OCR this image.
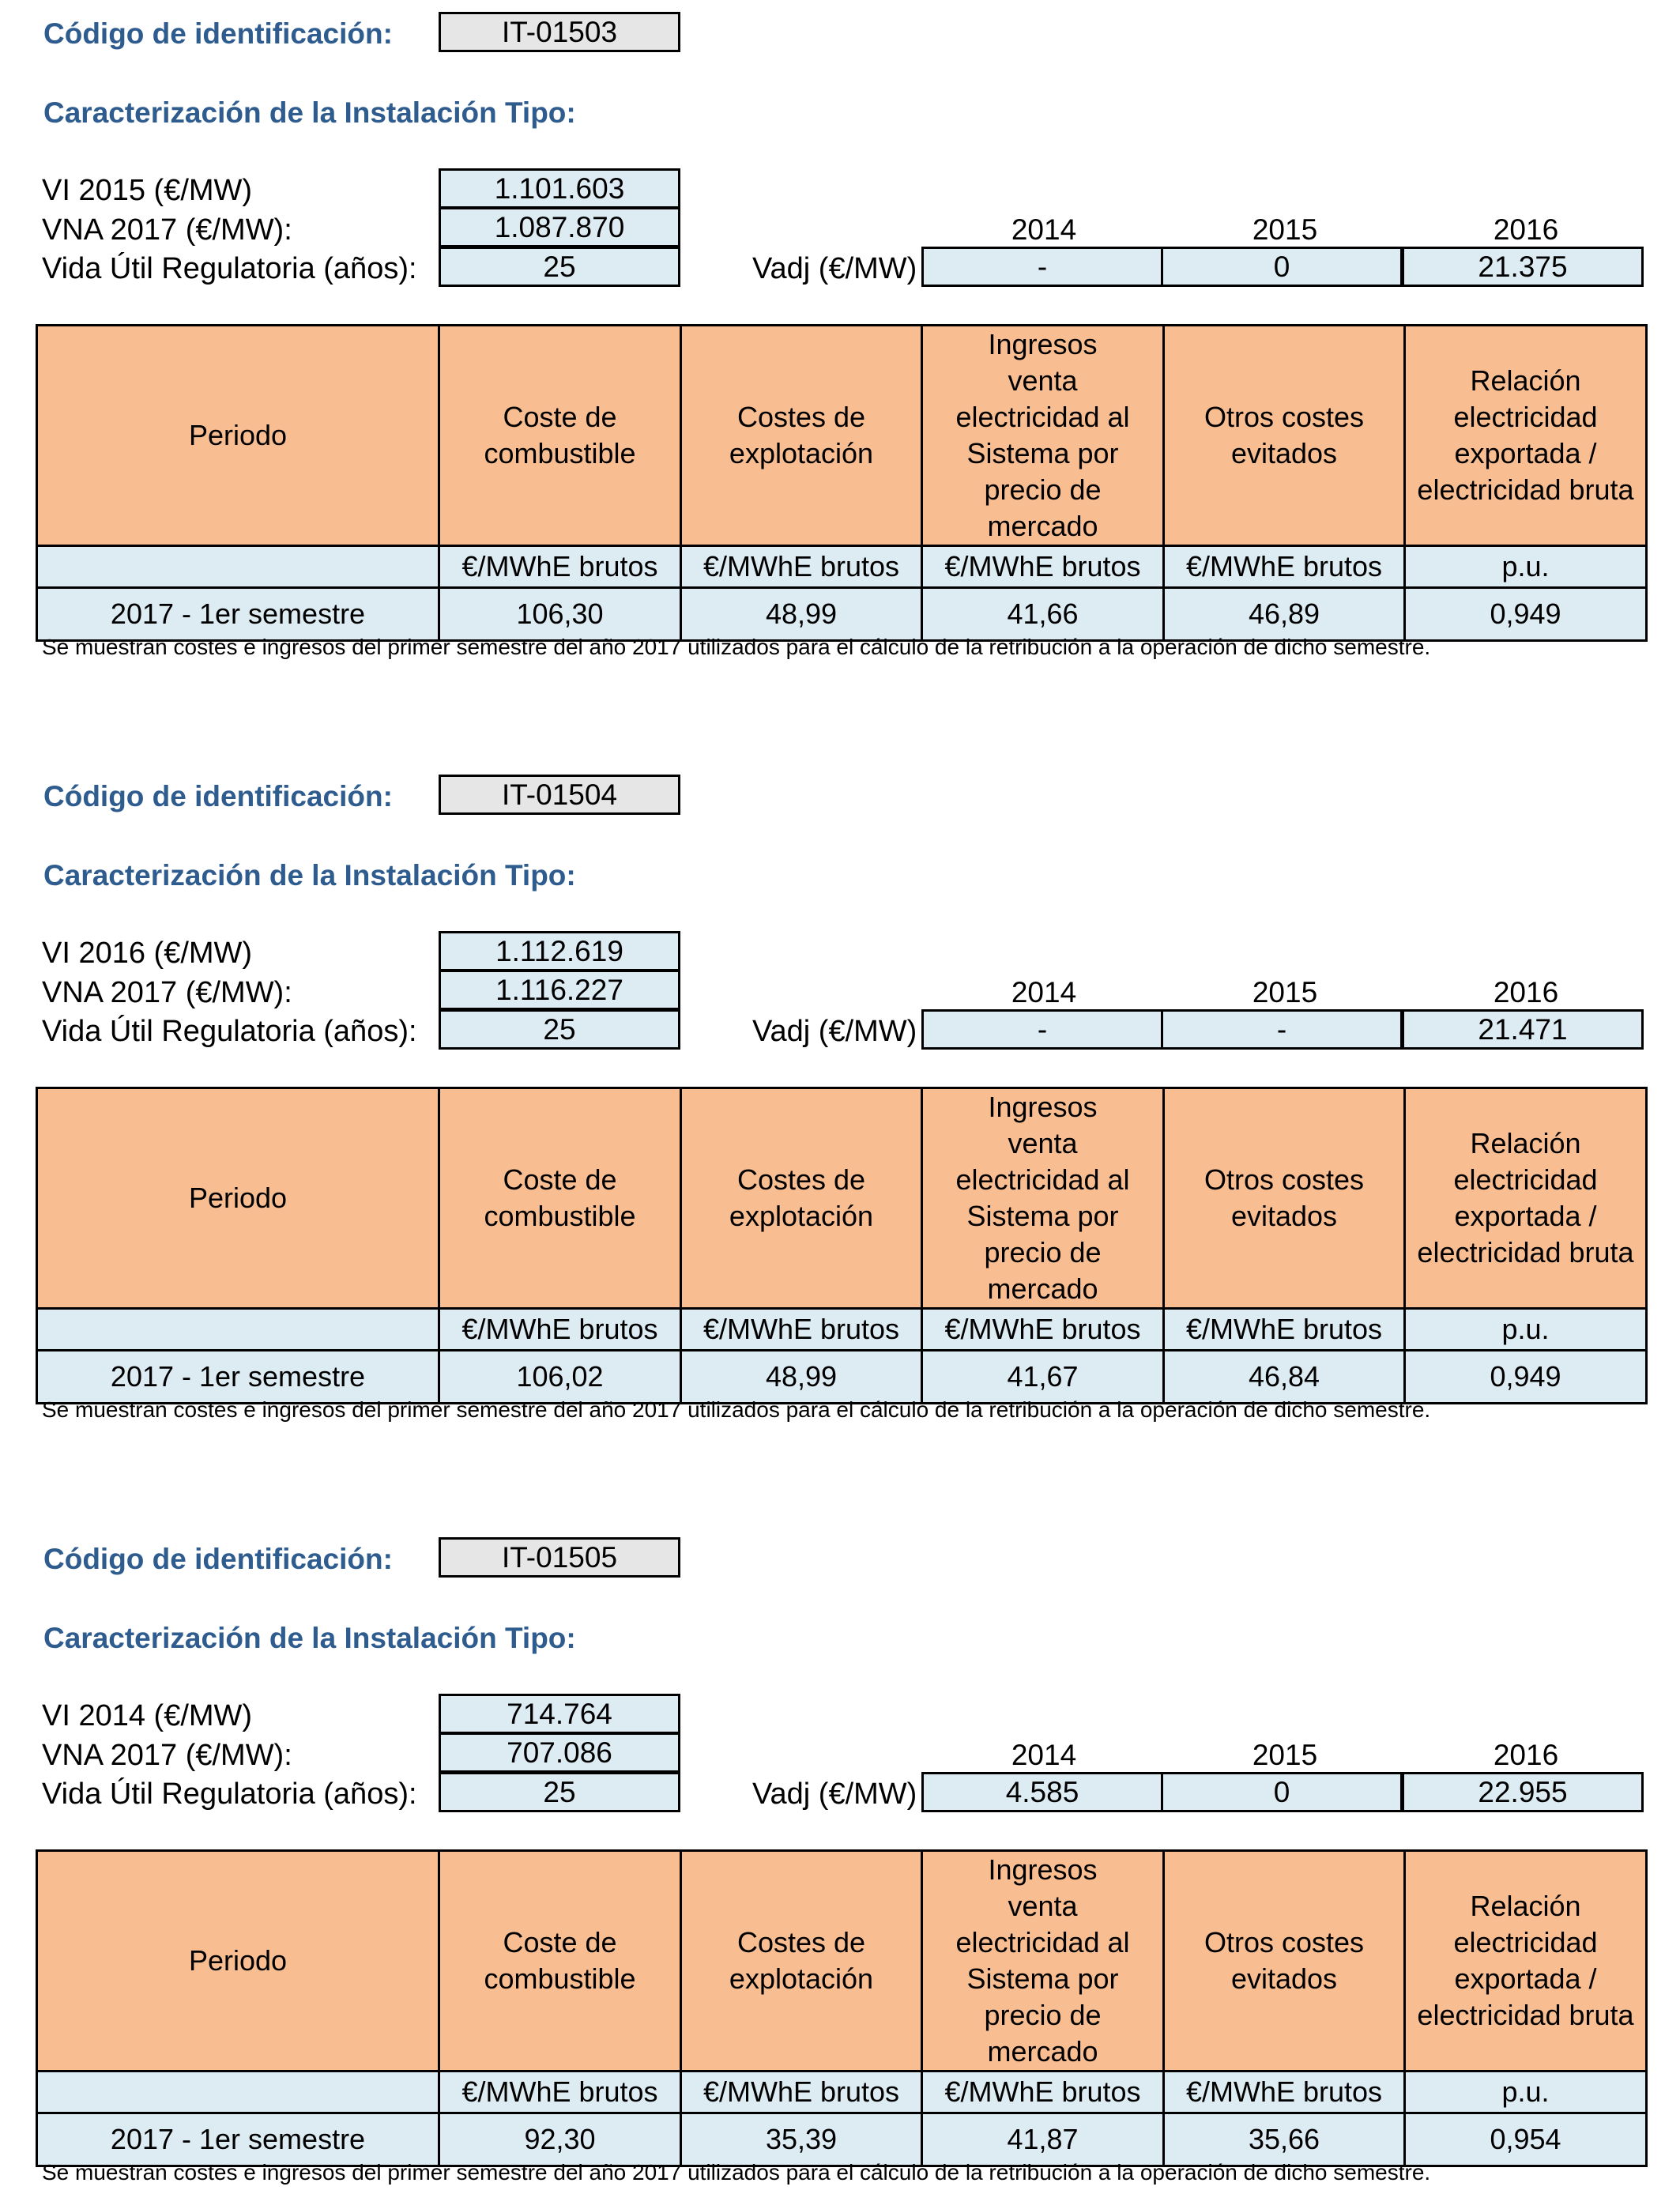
Código de identificación:	IT-01503
Caracterización de la Instalación Tipo:
VI 2015 (€/MW)	1.101.603
VNA 2017 (€/MW):	1.087.870
Vida Útil Regulatoria (años):	25
2014	2015	2016
Vadj (€/MW)	-	0	21.375
Periodo	Coste de combustible	Costes de explotación	Ingresos venta electricidad al Sistema por precio de mercado	Otros costes evitados	Relación electricidad exportada / electricidad bruta

	€/MWhE brutos	€/MWhE brutos	€/MWhE brutos	€/MWhE brutos	p.u.
2017 - 1er semestre	106,30	48,99	41,66	46,89	0,949
Se muestran costes e ingresos del primer semestre del año 2017 utilizados para el cálculo de la retribución a la operación de dicho semestre.
Código de identificación:	IT-01504
Caracterización de la Instalación Tipo:
VI 2016 (€/MW)	1.112.619
VNA 2017 (€/MW):	1.116.227
Vida Útil Regulatoria (años):	25
2014	2015	2016
Vadj (€/MW)	-	-	21.471
Periodo	Coste de combustible	Costes de explotación	Ingresos venta electricidad al Sistema por precio de mercado	Otros costes evitados	Relación electricidad exportada / electricidad bruta

	€/MWhE brutos	€/MWhE brutos	€/MWhE brutos	€/MWhE brutos	p.u.
2017 - 1er semestre	106,02	48,99	41,67	46,84	0,949
Se muestran costes e ingresos del primer semestre del año 2017 utilizados para el cálculo de la retribución a la operación de dicho semestre.
Código de identificación:	IT-01505
Caracterización de la Instalación Tipo:
VI 2014 (€/MW)	714.764
VNA 2017 (€/MW):	707.086
Vida Útil Regulatoria (años):	25
2014	2015	2016
Vadj (€/MW)	4.585	0	22.955
Periodo	Coste de combustible	Costes de explotación	Ingresos venta electricidad al Sistema por precio de mercado	Otros costes evitados	Relación electricidad exportada / electricidad bruta

	€/MWhE brutos	€/MWhE brutos	€/MWhE brutos	€/MWhE brutos	p.u.
2017 - 1er semestre	92,30	35,39	41,87	35,66	0,954
Se muestran costes e ingresos del primer semestre del año 2017 utilizados para el cálculo de la retribución a la operación de dicho semestre.
